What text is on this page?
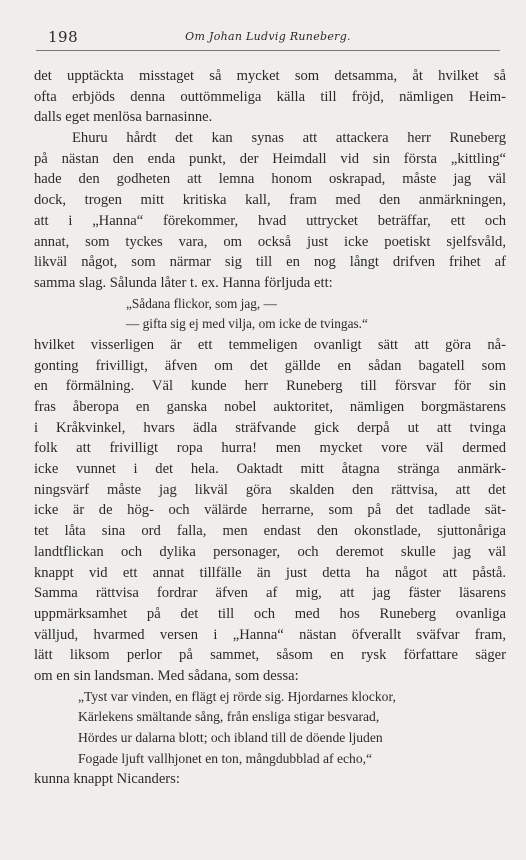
198	Om Johan Ludvig Runeberg.
det upptäckta misstaget så mycket som detsamma, åt hvilket så
ofta erbjöds denna outtömmeliga källa till fröjd, nämligen Heim-
dalls eget menlösa barnasinne.
Ehuru hårdt det kan synas att attackera herr Runeberg
på nästan den enda punkt, der Heimdall vid sin första „kittling“
hade den godheten att lemna honom oskrapad, måste jag väl
dock, trogen mitt kritiska kall, fram med den anmärkningen,
att i „Hanna“ förekommer, hvad uttrycket beträffar, ett och
annat, som tyckes vara, om också just icke poetiskt sjelfsvåld,
likväl något, som närmar sig till en nog långt drifven frihet af
samma slag. Sålunda låter t. ex. Hanna förljuda ett:
„Sådana flickor, som jag, —
— gifta sig ej med vilja, om icke de tvingas.“
hvilket visserligen är ett temmeligen ovanligt sätt att göra nå-
gonting frivilligt, äfven om det gällde en sådan bagatell som
en förmälning. Väl kunde herr Runeberg till försvar för sin
fras åberopa en ganska nobel auktoritet, nämligen borgmästarens
i Kråkvinkel, hvars ädla sträfvande gick derpå ut att tvinga
folk att frivilligt ropa hurra! men mycket vore väl dermed
icke vunnet i det hela. Oaktadt mitt åtagna stränga anmärk-
ningsvärf måste jag likväl göra skalden den rättvisa, att det
icke är de hög- och välärde herrarne, som på det tadlade sät-
tet låta sina ord falla, men endast den okonstlade, sjuttonåriga
landtflickan och dylika personager, och deremot skulle jag väl
knappt vid ett annat tillfälle än just detta ha något att påstå.
Samma rättvisa fordrar äfven af mig, att jag fäster läsarens
uppmärksamhet på det till och med hos Runeberg ovanliga
välljud, hvarmed versen i „Hanna“ nästan öfverallt sväfvar fram,
lätt liksom perlor på sammet, såsom en rysk författare säger
om en sin landsman. Med sådana, som dessa:
„Tyst var vinden, en flägt ej rörde sig. Hjordarnes klockor,
Kärlekens smältande sång, från ensliga stigar besvarad,
Hördes ur dalarna blott; och ibland till de döende ljuden
Fogade ljuft vallhjonet en ton, mångdubblad af echo,“
kunna knappt Nicanders:
